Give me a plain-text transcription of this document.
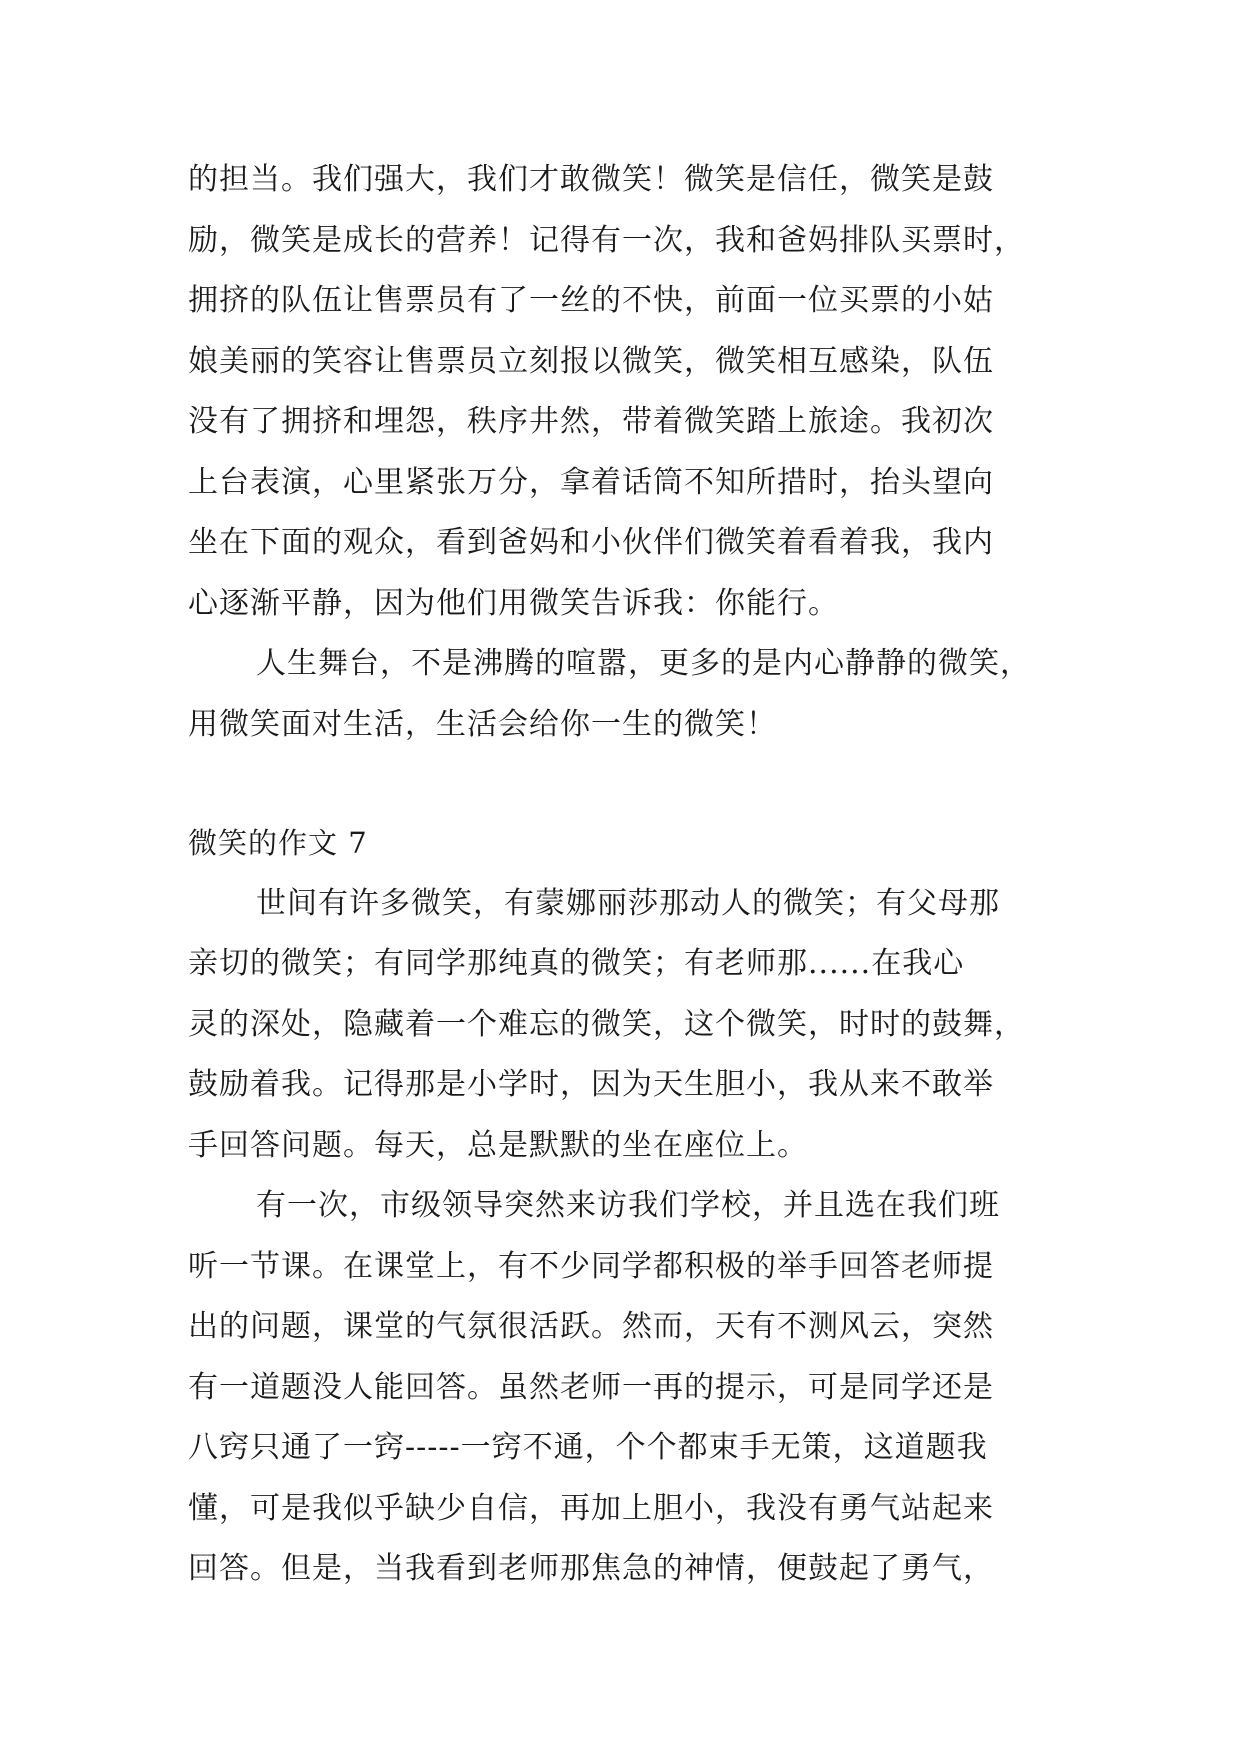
的担当。我们强大，我们才敢微笑！微笑是信任，微笑是鼓
励，微笑是成长的营养！记得有一次，我和爸妈排队买票时，
拥挤的队伍让售票员有了一丝的不快，前面一位买票的小姑
娘美丽的笑容让售票员立刻报以微笑，微笑相互感染，队伍
没有了拥挤和埋怨，秩序井然，带着微笑踏上旅途。我初次
上台表演，心里紧张万分，拿着话筒不知所措时，抬头望向
坐在下面的观众，看到爸妈和小伙伴们微笑着看着我，我内
心逐渐平静，因为他们用微笑告诉我：你能行。
人生舞台，不是沸腾的喧嚣，更多的是内心静静的微笑，
用微笑面对生活，生活会给你一生的微笑！
微笑的作文 7
世间有许多微笑，有蒙娜丽莎那动人的微笑；有父母那
亲切的微笑；有同学那纯真的微笑；有老师那......在我心
灵的深处，隐藏着一个难忘的微笑，这个微笑，时时的鼓舞，
鼓励着我。记得那是小学时，因为天生胆小，我从来不敢举
手回答问题。每天，总是默默的坐在座位上。
有一次，市级领导突然来访我们学校，并且选在我们班
听一节课。在课堂上，有不少同学都积极的举手回答老师提
出的问题，课堂的气氛很活跃。然而，天有不测风云，突然
有一道题没人能回答。虽然老师一再的提示，可是同学还是
八窍只通了一窍-----一窍不通，个个都束手无策，这道题我
懂，可是我似乎缺少自信，再加上胆小，我没有勇气站起来
回答。但是，当我看到老师那焦急的神情，便鼓起了勇气，
